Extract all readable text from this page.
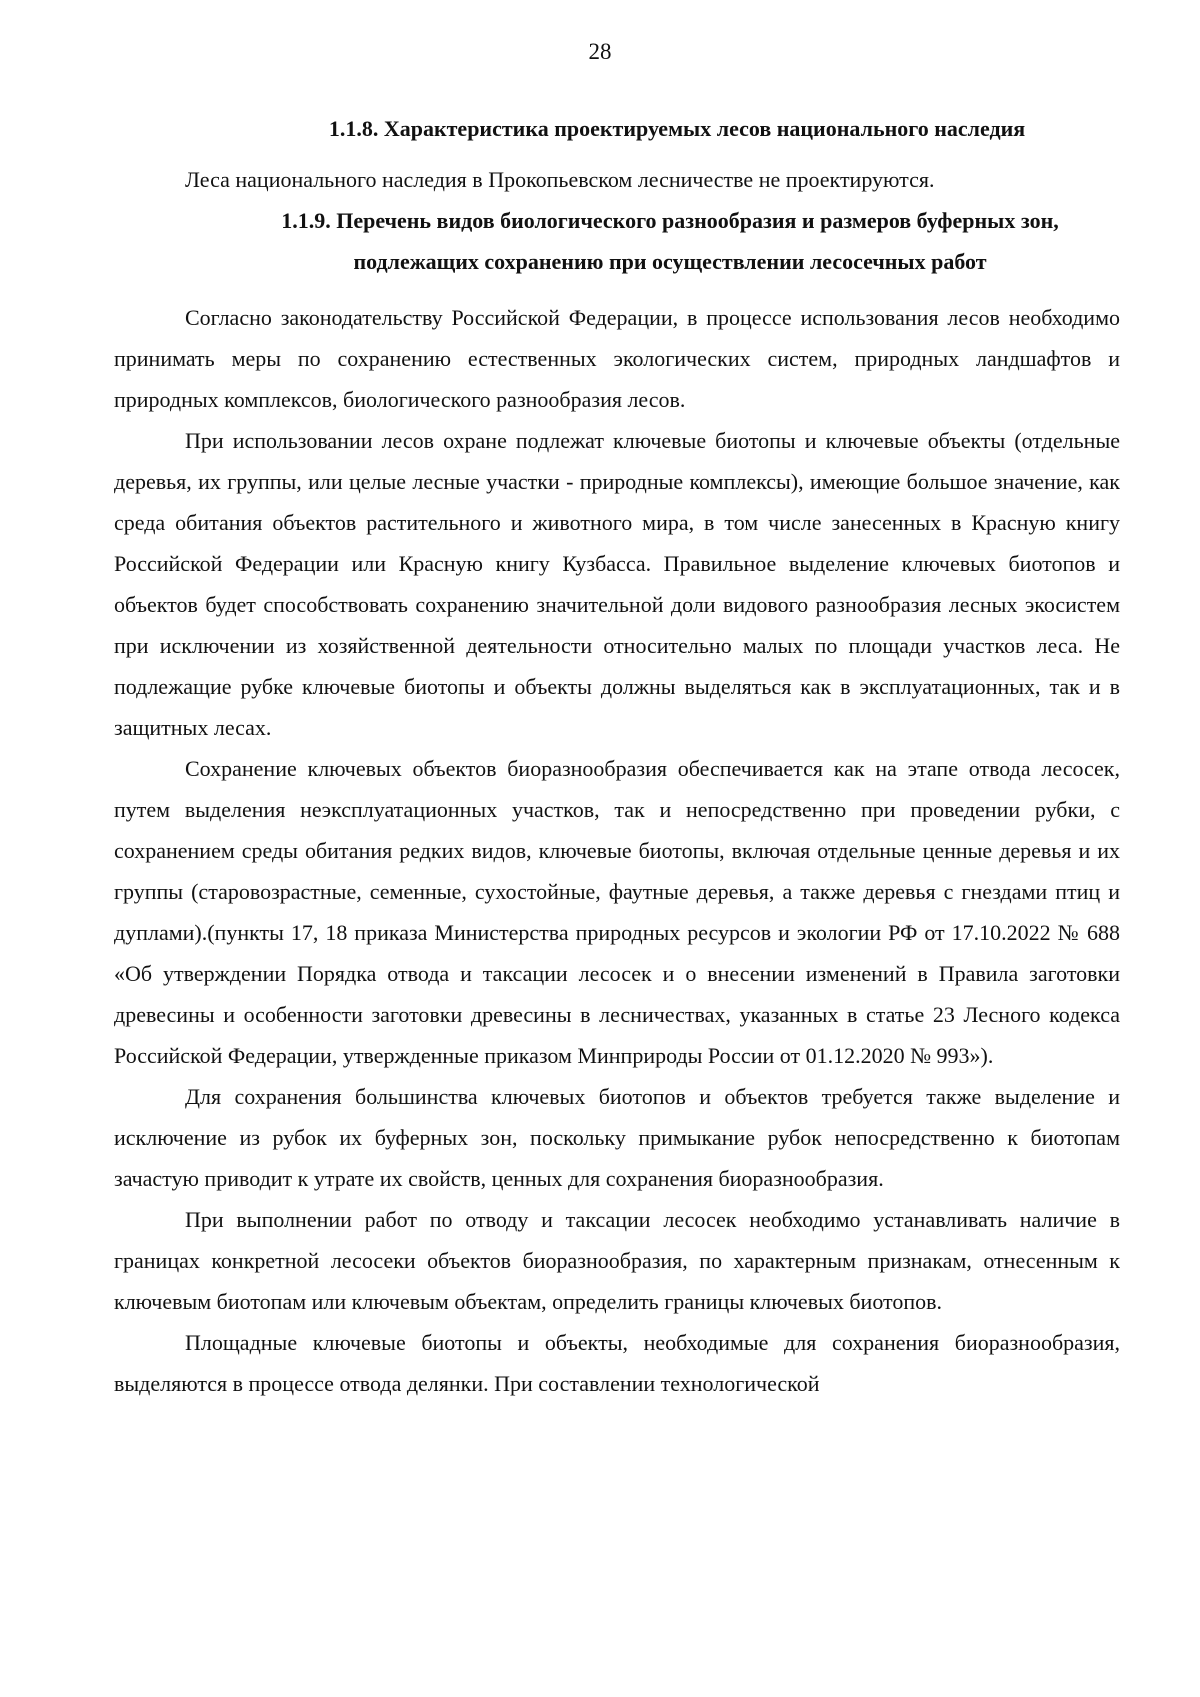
28
1.1.8. Характеристика проектируемых лесов национального наследия

Леса национального наследия в Прокопьевском лесничестве не проектируются.

1.1.9. Перечень видов биологического разнообразия и размеров буферных зон, подлежащих сохранению при осуществлении лесосечных работ

Согласно законодательству Российской Федерации, в процессе использования лесов необходимо принимать меры по сохранению естественных экологических систем, природных ландшафтов и природных комплексов, биологического разнообразия лесов.

При использовании лесов охране подлежат ключевые биотопы и ключевые объекты (отдельные деревья, их группы, или целые лесные участки - природные комплексы), имеющие большое значение, как среда обитания объектов растительного и животного мира, в том числе занесенных в Красную книгу Российской Федерации или Красную книгу Кузбасса. Правильное выделение ключевых биотопов и объектов будет способствовать сохранению значительной доли видового разнообразия лесных экосистем при исключении из хозяйственной деятельности относительно малых по площади участков леса. Не подлежащие рубке ключевые биотопы и объекты должны выделяться как в эксплуатационных, так и в защитных лесах.

Сохранение ключевых объектов биоразнообразия обеспечивается как на этапе отвода лесосек, путем выделения неэксплуатационных участков, так и непосредственно при проведении рубки, с сохранением среды обитания редких видов, ключевые биотопы, включая отдельные ценные деревья и их группы (старовозрастные, семенные, сухостойные, фаутные деревья, а также деревья с гнездами птиц и дуплами).(пункты 17, 18 приказа Министерства природных ресурсов и экологии РФ от 17.10.2022 № 688 «Об утверждении Порядка отвода и таксации лесосек и о внесении изменений в Правила заготовки древесины и особенности заготовки древесины в лесничествах, указанных в статье 23 Лесного кодекса Российской Федерации, утвержденные приказом Минприроды России от 01.12.2020 № 993»).

Для сохранения большинства ключевых биотопов и объектов требуется также выделение и исключение из рубок их буферных зон, поскольку примыкание рубок непосредственно к биотопам зачастую приводит к утрате их свойств, ценных для сохранения биоразнообразия.

При выполнении работ по отводу и таксации лесосек необходимо устанавливать наличие в границах конкретной лесосеки объектов биоразнообразия, по характерным признакам, отнесенным к ключевым биотопам или ключевым объектам, определить границы ключевых биотопов.

Площадные ключевые биотопы и объекты, необходимые для сохранения биоразнообразия, выделяются в процессе отвода делянки. При составлении технологической
